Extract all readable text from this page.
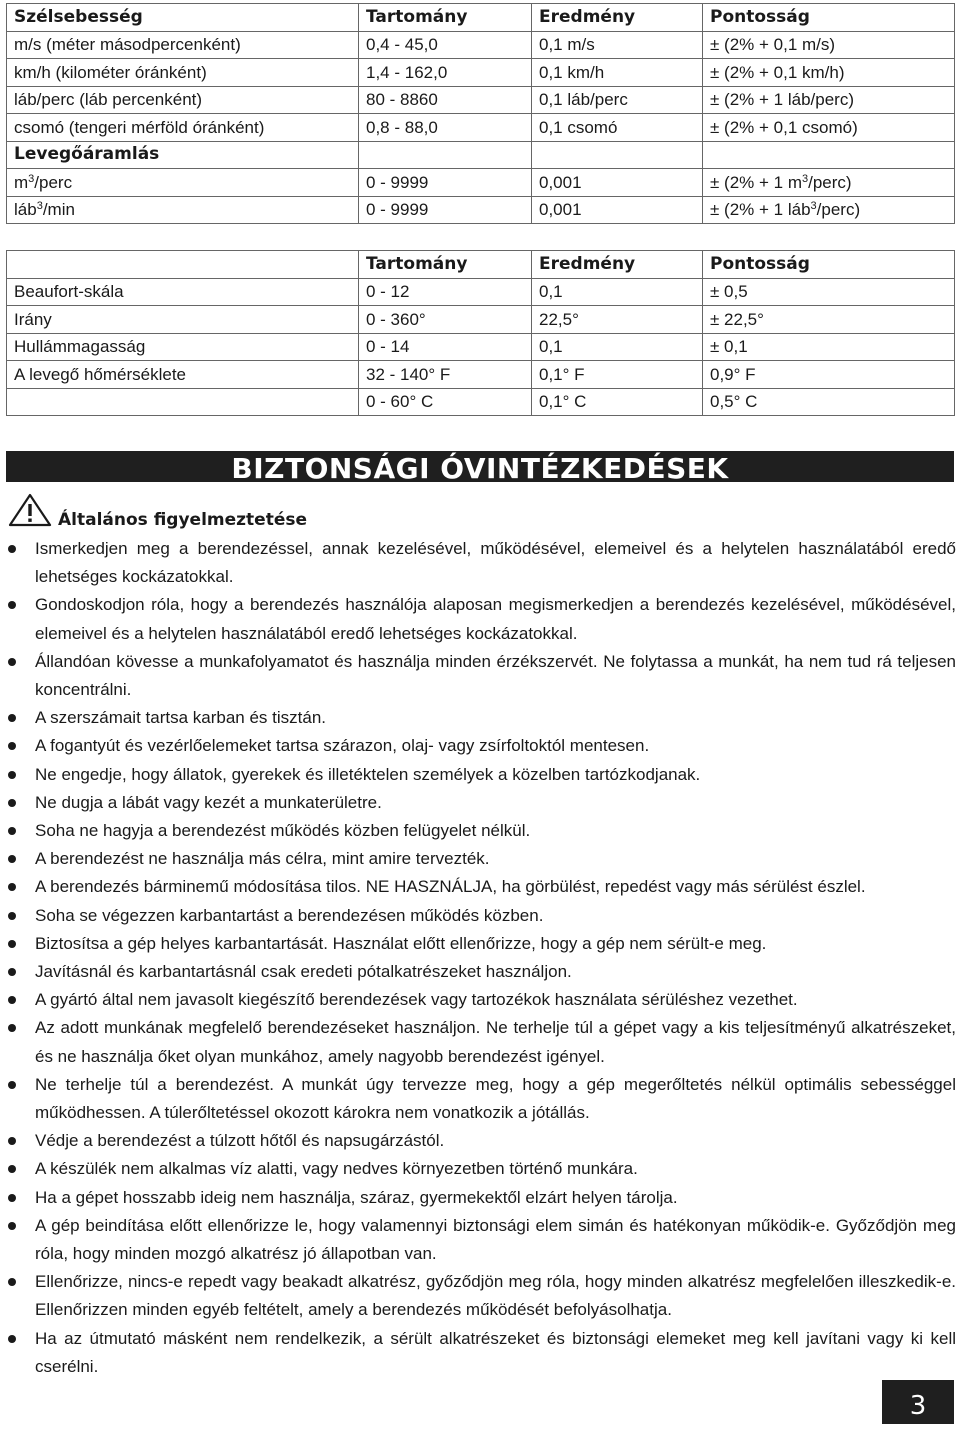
Szélsebesség	Tartomány	Eredmény	Pontosság
m/s (méter másodpercenként)	0,4 - 45,0	0,1 m/s	± (2% + 0,1 m/s)
km/h (kilométer óránként)	1,4 - 162,0	0,1 km/h	± (2% + 0,1 km/h)
láb/perc (láb percenként)	80 - 8860	0,1 láb/perc	± (2% + 1 láb/perc)
csomó (tengeri mérföld óránként)	0,8 - 88,0	0,1 csomó	± (2% + 0,1 csomó)
Levegőáramlás			
$m^3$/perc	0 - 9999	0,001	± (2% + 1 $m^3/perc$)
láb$^3$/min	0 - 9999	0,001	± (2% + 1 láb$^3$/perc)
	Tartomány	Eredmény	Pontosság
Beaufort-skála	0 - 12	0,1	± 0,5
Irány	0 - 360°	22,5°	± 22,5°
Hullámmagasság	0 - 14	0,1	± 0,1
A levegő hőmérséklete	32 - 140° F	0,1° F	0,9° F
	0 - 60° C	0,1° C	0,5° C
BIZTONSÁGI ÓVINTÉZKEDÉSEK
Általános figyelmeztetése
Ismerkedjen meg a berendezéssel, annak kezelésével, működésével, elemeivel és a helytelen használatából eredő lehetséges kockázatokkal.
Gondoskodjon róla, hogy a berendezés használója alaposan megismerkedjen a berendezés kezelésével, működésével, elemeivel és a helytelen használatából eredő lehetséges kockázatokkal.
Állandóan kövesse a munkafolyamatot és használja minden érzékszervét. Ne folytassa a munkát, ha nem tud rá teljesen koncentrálni.
A szerszámait tartsa karban és tisztán.
A fogantyút és vezérlőelemeket tartsa szárazon, olaj- vagy zsírfoltoktól mentesen.
Ne engedje, hogy állatok, gyerekek és illetéktelen személyek a közelben tartózkodjanak.
Ne dugja a lábát vagy kezét a munkaterületre.
Soha ne hagyja a berendezést működés közben felügyelet nélkül.
A berendezést ne használja más célra, mint amire tervezték.
A berendezés bárminemű módosítása tilos. NE HASZNÁLJA, ha görbülést, repedést vagy más sérülést észlel.
Soha se végezzen karbantartást a berendezésen működés közben.
Biztosítsa a gép helyes karbantartását. Használat előtt ellenőrizze, hogy a gép nem sérült-e meg.
Javításnál és karbantartásnál csak eredeti pótalkatrészeket használjon.
A gyártó által nem javasolt kiegészítő berendezések vagy tartozékok használata sérüléshez vezethet.
Az adott munkának megfelelő berendezéseket használjon. Ne terhelje túl a gépet vagy a kis teljesítményű alkatrészeket, és ne használja őket olyan munkához, amely nagyobb berendezést igényel.
Ne terhelje túl a berendezést. A munkát úgy tervezze meg, hogy a gép megerőltetés nélkül optimális sebességgel működhessen. A túlerőltetéssel okozott károkra nem vonatkozik a jótállás.
Védje a berendezést a túlzott hőtől és napsugárzástól.
A készülék nem alkalmas víz alatti, vagy nedves környezetben történő munkára.
Ha a gépet hosszabb ideig nem használja, száraz, gyermekektől elzárt helyen tárolja.
A gép beindítása előtt ellenőrizze le, hogy valamennyi biztonsági elem simán és hatékonyan működik-e. Győződjön meg róla, hogy minden mozgó alkatrész jó állapotban van.
Ellenőrizze, nincs-e repedt vagy beakadt alkatrész, győződjön meg róla, hogy minden alkatrész megfelelően illeszkedik-e. Ellenőrizzen minden egyéb feltételt, amely a berendezés működését befolyásolhatja.
Ha az útmutató másként nem rendelkezik, a sérült alkatrészeket és biztonsági elemeket meg kell javítani vagy ki kell cserélni.
3
